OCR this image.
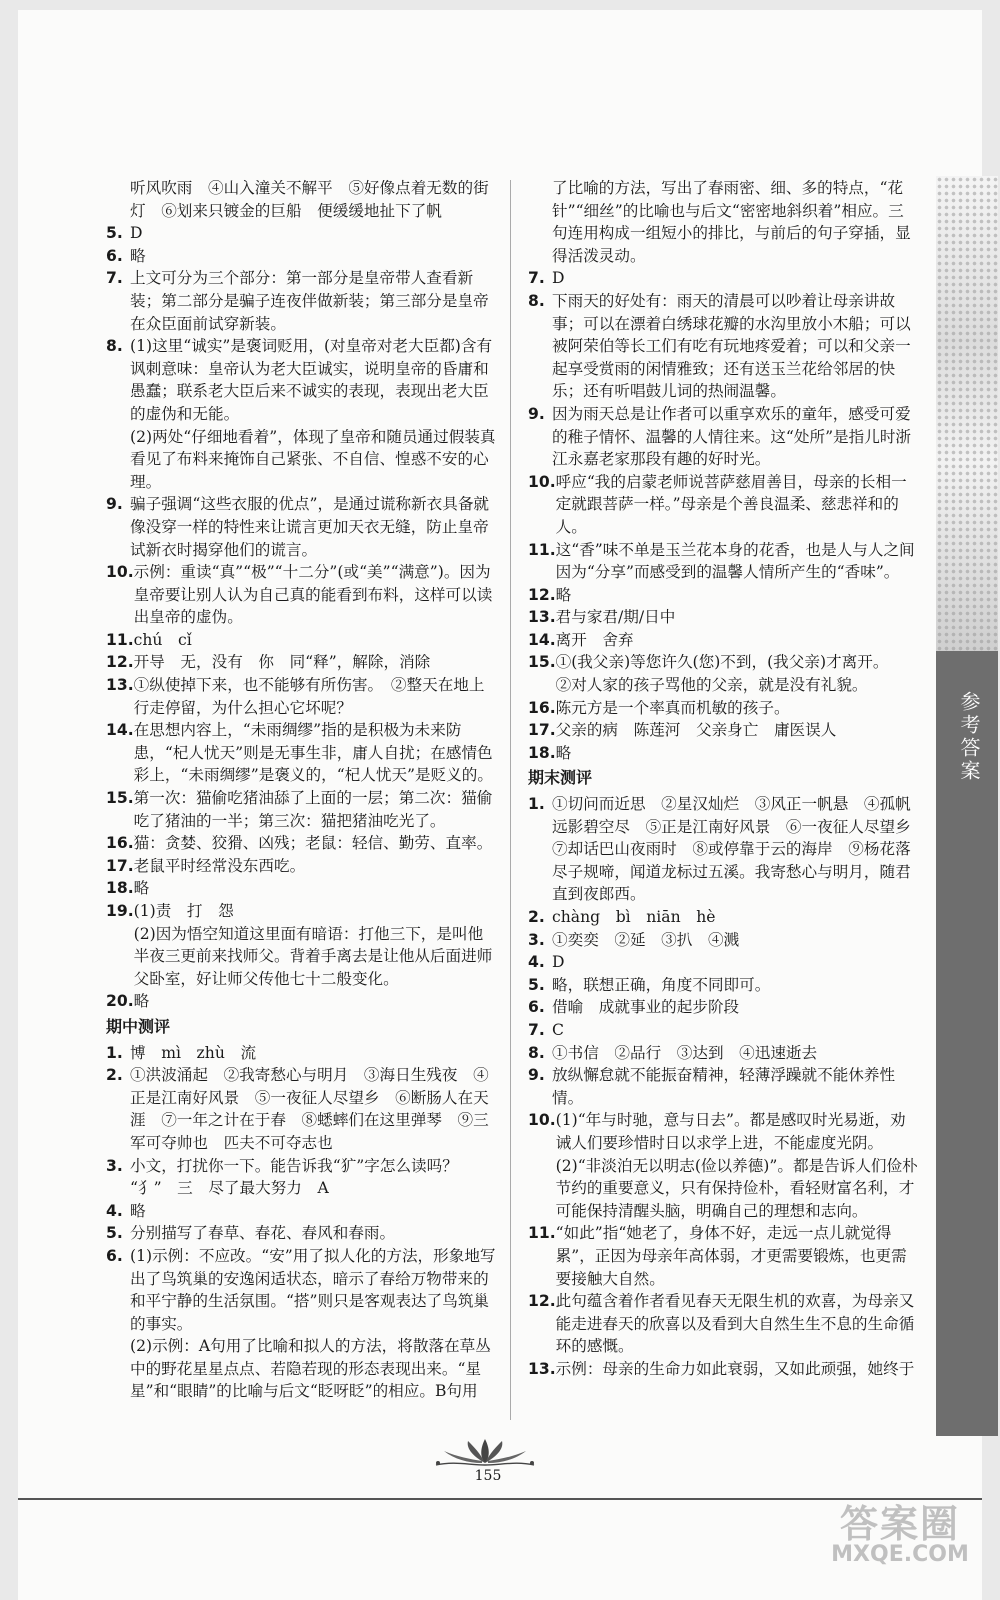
听风吹雨　④山入潼关不解平　⑤好像点着无数的街灯　⑥划来只镀金的巨船　便缓缓地扯下了帆
5. D
6. 略
7. 上文可分为三个部分：第一部分是皇帝带人查看新装；第二部分是骗子连夜伴做新装；第三部分是皇帝在众臣面前试穿新装。
8. (1)这里“诚实”是褒词贬用，(对皇帝对老大臣都)含有讽刺意味：皇帝认为老大臣诚实，说明皇帝的昏庸和愚蠢；联系老大臣后来不诚实的表现，表现出老大臣的虚伪和无能。
(2)两处“仔细地看着”，体现了皇帝和随员通过假装真看见了布料来掩饰自己紧张、不自信、惶惑不安的心理。
9. 骗子强调“这些衣服的优点”，是通过谎称新衣具备就像没穿一样的特性来让谎言更加天衣无缝，防止皇帝试新衣时揭穿他们的谎言。
10. 示例：重读“真”“极”“十二分”(或“美”“满意”)。因为皇帝要让别人认为自己真的能看到布料，这样可以读出皇帝的虚伪。
11. chú　cǐ
12. 开导　无，没有　你　同“释”，解除，消除
13. ①纵使掉下来，也不能够有所伤害。　②整天在地上行走停留，为什么担心它坏呢？
14. 在思想内容上，“未雨绸缪”指的是积极为未来防患，“杞人忧天”则是无事生非，庸人自扰；在感情色彩上，“未雨绸缪”是褒义的，“杞人忧天”是贬义的。
15. 第一次：猫偷吃猪油舔了上面的一层；第二次：猫偷吃了猪油的一半；第三次：猫把猪油吃光了。
16. 猫：贪婪、狡猾、凶残；老鼠：轻信、勤劳、直率。
17. 老鼠平时经常没东西吃。
18. 略
19. (1)责　打　怨
(2)因为悟空知道这里面有暗语：打他三下，是叫他半夜三更前来找师父。背着手离去是让他从后面进师父卧室，好让师父传他七十二般变化。
20. 略
期中测评
1. 博　mì　zhù　流
2. ①洪波涌起　②我寄愁心与明月　③海日生残夜　④正是江南好风景　⑤一夜征人尽望乡　⑥断肠人在天涯　⑦一年之计在于春　⑧蟋蟀们在这里弹琴　⑨三军可夺帅也　匹夫不可夺志也
3. 小文，打扰你一下。能告诉我“犷”字怎么读吗？
“犭”　三　尽了最大努力　A
4. 略
5. 分别描写了春草、春花、春风和春雨。
6. (1)示例：不应改。“安”用了拟人化的方法，形象地写出了鸟筑巢的安逸闲适状态，暗示了春给万物带来的和平宁静的生活氛围。“搭”则只是客观表达了鸟筑巢的事实。
(2)示例：A句用了比喻和拟人的方法，将散落在草丛中的野花星星点点、若隐若现的形态表现出来。“星星”和“眼睛”的比喻与后文“眨呀眨”的相应。B句用
了比喻的方法，写出了春雨密、细、多的特点，“花针”“细丝”的比喻也与后文“密密地斜织着”相应。三句连用构成一组短小的排比，与前后的句子穿插，显得活泼灵动。
7. D
8. 下雨天的好处有：雨天的清晨可以吵着让母亲讲故事；可以在漂着白绣球花瓣的水沟里放小木船；可以被阿荣伯等长工们有吃有玩地疼爱着；可以和父亲一起享受赏雨的闲情雅致；还有送玉兰花给邻居的快乐；还有听唱鼓儿词的热闹温馨。
9. 因为雨天总是让作者可以重享欢乐的童年，感受可爱的稚子情怀、温馨的人情往来。这“处所”是指儿时浙江永嘉老家那段有趣的好时光。
10. 呼应“我的启蒙老师说菩萨慈眉善目，母亲的长相一定就跟菩萨一样。”母亲是个善良温柔、慈悲祥和的人。
11. 这“香”味不单是玉兰花本身的花香，也是人与人之间因为“分享”而感受到的温馨人情所产生的“香味”。
12. 略
13. 君与家君/期/日中
14. 离开　舍弃
15. ①(我父亲)等您许久(您)不到，(我父亲)才离开。
②对人家的孩子骂他的父亲，就是没有礼貌。
16. 陈元方是一个率真而机敏的孩子。
17. 父亲的病　陈莲河　父亲身亡　庸医误人
18. 略
期末测评
1. ①切问而近思　②星汉灿烂　③风正一帆悬　④孤帆远影碧空尽　⑤正是江南好风景　⑥一夜征人尽望乡　⑦却话巴山夜雨时　⑧或停靠于云的海岸　⑨杨花落尽子规啼，闻道龙标过五溪。我寄愁心与明月，随君直到夜郎西。
2. chàng　bì　niān　hè
3. ①奕奕　②延　③扒　④溅
4. D
5. 略，联想正确，角度不同即可。
6. 借喻　成就事业的起步阶段
7. C
8. ①书信　②品行　③达到　④迅速逝去
9. 放纵懈怠就不能振奋精神，轻薄浮躁就不能休养性情。
10. (1)“年与时驰，意与日去”。都是感叹时光易逝，劝诫人们要珍惜时日以求学上进，不能虚度光阴。
(2)“非淡泊无以明志(俭以养德)”。都是告诉人们俭朴节约的重要意义，只有保持俭朴，看轻财富名利，才可能保持清醒头脑，明确自己的理想和志向。
11. “如此”指“她老了，身体不好，走远一点儿就觉得累”，正因为母亲年高体弱，才更需要锻炼，也更需要接触大自然。
12. 此句蕴含着作者看见春天无限生机的欢喜，为母亲又能走进春天的欣喜以及看到大自然生生不息的生命循环的感慨。
13. 示例：母亲的生命力如此衰弱，又如此顽强，她终于
参考答案
155
答案圈
MXQE.COM
